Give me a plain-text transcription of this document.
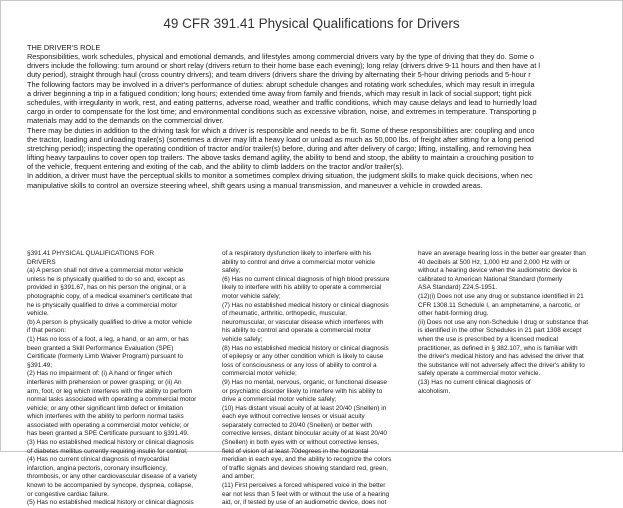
49 CFR 391.41 Physical Qualifications for Drivers
THE DRIVER'S ROLE
Responsibilities, work schedules, physical and emotional demands, and lifestyles among commercial drivers vary by the type of driving that they do. Some o
drivers include the following: turn around or short relay (drivers return to their home base each evening); long relay (drivers drive 9-11 hours and then have at l
duty period), straight through haul (cross country drivers); and team drivers (drivers share the driving by alternating their 5-hour driving periods and 5-hour r
The following factors may be involved in a driver's performance of duties: abrupt schedule changes and rotating work schedules, which may result in irregula
a driver beginning a trip in a fatigued condition; long hours; extended time away from family and friends, which may result in lack of social support; tight pick
schedules, with irregularity in work, rest, and eating patterns, adverse road, weather and traffic conditions, which may cause delays and lead to hurriedly load
cargo in order to compensate for the lost time; and environmental conditions such as excessive vibration, noise, and extremes in temperature. Transporting p
materials may add to the demands on the commercial driver.
There may be duties in addition to the driving task for which a driver is responsible and needs to be fit. Some of these responsibilities are: coupling and unco
the tractor, loading and unloading trailer(s) (sometimes a driver may lift a heavy load or unload as much as 50,000 lbs. of freight after sitting for a long period
stretching period); inspecting the operating condition of tractor and/or trailer(s) before, during and after delivery of cargo; lifting, installing, and removing hea
lifting heavy tarpaulins to cover open top trailers. The above tasks demand agility, the ability to bend and stoop, the ability to maintain a crouching position to
of the vehicle, frequent entering and exiting of the cab, and the ability to climb ladders on the tractor and/or trailer(s).
In addition, a driver must have the perceptual skills to monitor a sometimes complex driving situation, the judgment skills to make quick decisions, when nec
manipulative skills to control an oversize steering wheel, shift gears using a manual transmission, and maneuver a vehicle in crowded areas.
§391.41 PHYSICAL QUALIFICATIONS FOR
DRIVERS
(a) A person shall not drive a commercial motor vehicle
unless he is physically qualified to do so and, except as
provided in §391.67, has on his person the original, or a
photographic copy, of a medical examiner's certificate that
he is physically qualified to drive a commercial motor
vehicle.
(b) A person is physically qualified to drive a motor vehicle
if that person:
(1) Has no loss of a foot, a leg, a hand, or an arm, or has
been granted a Skill Performance Evaluation (SPE)
Certificate (formerly Limb Waiver Program) pursuant to
§391.49;
(2) Has no impairment of: (i) A hand or finger which
interferes with prehension or power grasping; or (ii) An
arm, foot, or leg which interferes with the ability to perform
normal tasks associated with operating a commercial motor
vehicle; or any other significant limb defect or limitation
which interferes with the ability to perform normal tasks
associated with operating a commercial motor vehicle; or
has been granted a SPE Certificate pursuant to §391.49.
(3) Has no established medical history or clinical diagnosis
of diabetes mellitus currently requiring insulin for control;
(4) Has no current clinical diagnosis of myocardial
infarction, angina pectoris, coronary insufficiency,
thrombosis, or any other cardiovascular disease of a variety
known to be accompanied by syncope, dyspnea, collapse,
or congestive cardiac failure.
(5) Has no established medical history or clinical diagnosis
of a respiratory dysfunction likely to interfere with his
ability to control and drive a commercial motor vehicle
safely;
(6) Has no current clinical diagnosis of high blood pressure
likely to interfere with his ability to operate a commercial
motor vehicle safely;
(7) Has no established medical history or clinical diagnosis
of rheumatic, arthritic, orthopedic, muscular,
neuromuscular, or vascular disease which interferes with
his ability to control and operate a commercial motor
vehicle safely;
(8) Has no established medical history or clinical diagnosis
of epilepsy or any other condition which is likely to cause
loss of consciousness or any loss of ability to control a
commercial motor vehicle;
(9) Has no mental, nervous, organic, or functional disease
or psychiatric disorder likely to interfere with his ability to
drive a commercial motor vehicle safely;
(10) Has distant visual acuity of at least 20/40 (Snellen) in
each eye without corrective lenses or visual acuity
separately corrected to 20/40 (Snellen) or better with
corrective lenses, distant binocular acuity of at least 20/40
(Snellen) in both eyes with or without corrective lenses,
field of vision of at least 70degrees in the horizontal
meridian in each eye, and the ability to recognize the colors
of traffic signals and devices showing standard red, green,
and amber;
(11) First perceives a forced whispered voice in the better
ear not less than 5 feet with or without the use of a hearing
aid, or, if tested by use of an audiometric device, does not
have an average hearing loss in the better ear greater than
40 decibels at 500 Hz, 1,000 Hz and 2,000 Hz with or
without a hearing device when the audiometric device is
calibrated to American National Standard (formerly
ASA Standard) Z24.5-1951.
(12)(i) Does not use any drug or substance identified in 21
CFR 1308.11 Schedule I, an amphetamine, a narcotic, or
other habit-forming drug.
(ii) Does not use any non-Schedule I drug or substance that
is identified in the other Schedules in 21 part 1308 except
when the use is prescribed by a licensed medical
practitioner, as defined in § 382.107, who is familiar with
the driver's medical history and has advised the driver that
the substance will not adversely affect the driver's ability to
safely operate a commercial motor vehicle.
(13) Has no current clinical diagnosis of
alcoholism.
